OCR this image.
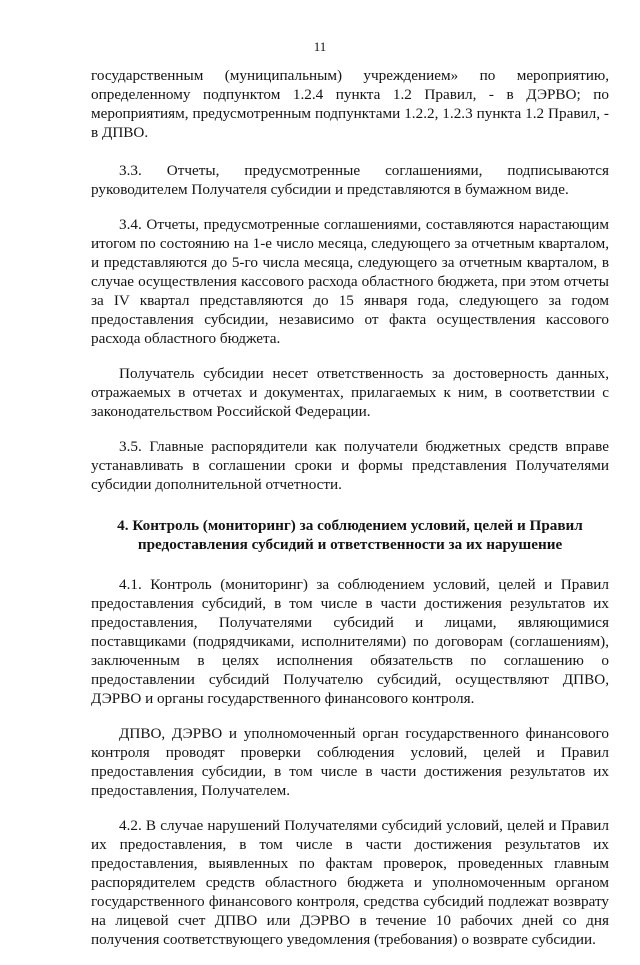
11

государственным (муниципальным) учреждением» по мероприятию, определенному подпунктом 1.2.4 пункта 1.2 Правил, - в ДЭРВО; по мероприятиям, предусмотренным подпунктами 1.2.2, 1.2.3 пункта 1.2 Правил, - в ДПВО.

3.3. Отчеты, предусмотренные соглашениями, подписываются руководителем Получателя субсидии и представляются в бумажном виде.

3.4. Отчеты, предусмотренные соглашениями, составляются нарастающим итогом по состоянию на 1-е число месяца, следующего за отчетным кварталом, и представляются до 5-го числа месяца, следующего за отчетным кварталом, в случае осуществления кассового расхода областного бюджета, при этом отчеты за IV квартал представляются до 15 января года, следующего за годом предоставления субсидии, независимо от факта осуществления кассового расхода областного бюджета.

Получатель субсидии несет ответственность за достоверность данных, отражаемых в отчетах и документах, прилагаемых к ним, в соответствии с законодательством Российской Федерации.

3.5. Главные распорядители как получатели бюджетных средств вправе устанавливать в соглашении сроки и формы представления Получателями субсидии дополнительной отчетности.

4. Контроль (мониторинг) за соблюдением условий, целей и Правил предоставления субсидий и ответственности за их нарушение

4.1. Контроль (мониторинг) за соблюдением условий, целей и Правил предоставления субсидий, в том числе в части достижения результатов их предоставления, Получателями субсидий и лицами, являющимися поставщиками (подрядчиками, исполнителями) по договорам (соглашениям), заключенным в целях исполнения обязательств по соглашению о предоставлении субсидий Получателю субсидий, осуществляют ДПВО, ДЭРВО и органы государственного финансового контроля.

ДПВО, ДЭРВО и уполномоченный орган государственного финансового контроля проводят проверки соблюдения условий, целей и Правил предоставления субсидии, в том числе в части достижения результатов их предоставления, Получателем.

4.2. В случае нарушений Получателями субсидий условий, целей и Правил их предоставления, в том числе в части достижения результатов их предоставления, выявленных по фактам проверок, проведенных главным распорядителем средств областного бюджета и уполномоченным органом государственного финансового контроля, средства субсидий подлежат возврату на лицевой счет ДПВО или ДЭРВО в течение 10 рабочих дней со дня получения соответствующего уведомления (требования) о возврате субсидии.
